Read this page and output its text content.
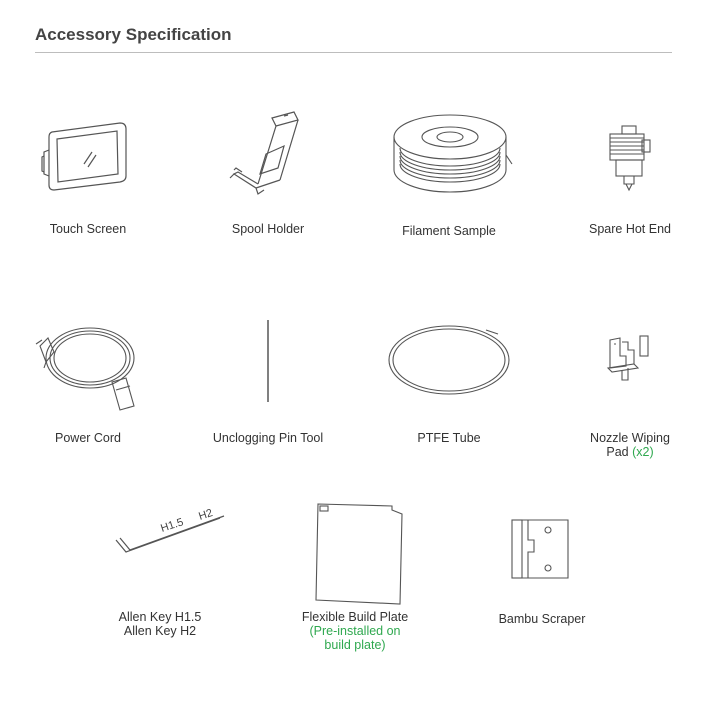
Accessory Specification
Touch Screen	Spool Holder	Filament Sample	Spare Hot End
Power Cord	Unclogging Pin Tool	PTFE Tube	Nozzle Wiping
Pad (x2)
H1.5
H2
Allen Key H1.5
Allen Key H2
Flexible Build Plate
(Pre-installed on
build plate)
Bambu Scraper
